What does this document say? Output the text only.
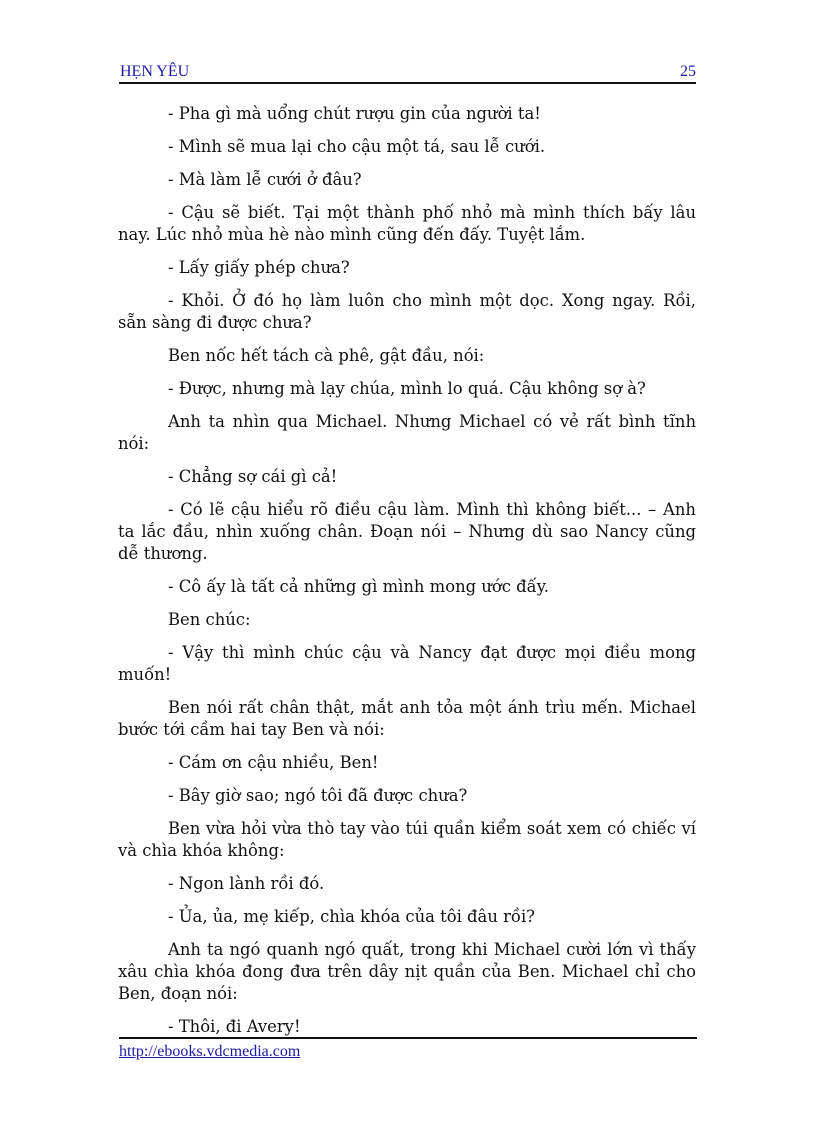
HẸN YÊU	25

- Pha gì mà uổng chút rượu gin của người ta!

- Mình sẽ mua lại cho cậu một tá, sau lễ cưới.

- Mà làm lễ cưới ở đâu?

- Cậu sẽ biết. Tại một thành phố nhỏ mà mình thích bấy lâu nay. Lúc nhỏ mùa hè nào mình cũng đến đấy. Tuyệt lắm.

- Lấy giấy phép chưa?

- Khỏi. Ở đó họ làm luôn cho mình một dọc. Xong ngay. Rồi, sẵn sàng đi được chưa?

Ben nốc hết tách cà phê, gật đầu, nói:

- Được, nhưng mà lạy chúa, mình lo quá. Cậu không sợ à?

Anh ta nhìn qua Michael. Nhưng Michael có vẻ rất bình tĩnh nói:

- Chẳng sợ cái gì cả!

- Có lẽ cậu hiểu rõ điều cậu làm. Mình thì không biết... – Anh ta lắc đầu, nhìn xuống chân. Đoạn nói – Nhưng dù sao Nancy cũng dễ thương.

- Cô ấy là tất cả những gì mình mong ước đấy.

Ben chúc:

- Vậy thì mình chúc cậu và Nancy đạt được mọi điều mong muốn!

Ben nói rất chân thật, mắt anh tỏa một ánh trìu mến. Michael bước tới cầm hai tay Ben và nói:

- Cám ơn cậu nhiều, Ben!

- Bây giờ sao; ngó tôi đã được chưa?

Ben vừa hỏi vừa thò tay vào túi quần kiểm soát xem có chiếc ví và chìa khóa không:

- Ngon lành rồi đó.

- Ủa, ủa, mẹ kiếp, chìa khóa của tôi đâu rồi?

Anh ta ngó quanh ngó quất, trong khi Michael cười lớn vì thấy xâu chìa khóa đong đưa trên dây nịt quần của Ben. Michael chỉ cho Ben, đoạn nói:

- Thôi, đi Avery!

http://ebooks.vdcmedia.com
